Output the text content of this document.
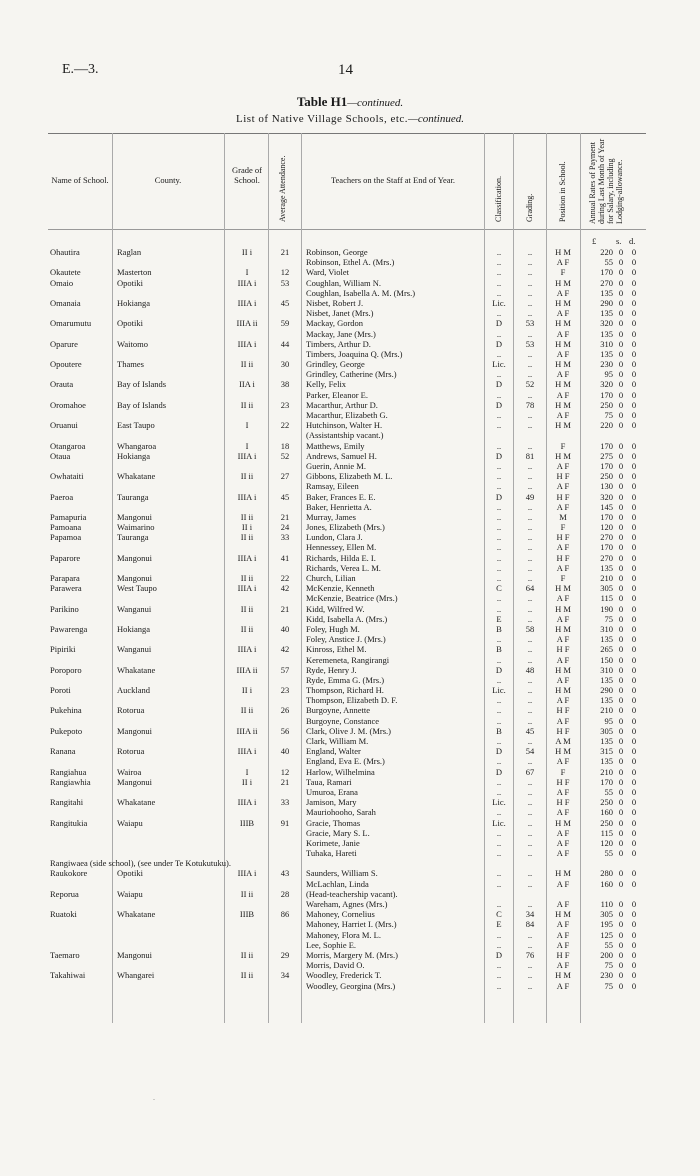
E.—3.	14
Table H1—continued.
List of Native Village Schools, etc.—continued.
Name of School.	County.
Grade of School.	Average Attendance.	Teachers on the Staff at End of Year.	Classification.	Grading.	Position in School.	Annual Rates of Payment during Last Month of Year for Salary, including Lodging-allowance.
£ s. d.
Ohautira	Raglan	II i	21	Robinson, George	..	..	H M	220 0	0
Robinson, Ethel A. (Mrs.)	..	..	A F	55 0	0
Okautete	Masterton	I	12	Ward, Violet	..	..	F	170 0	0
Omaio	Opotiki	IIIA i	53	Coughlan, William N.	..	..	H M	270 0	0
Coughlan, Isabella A. M. (Mrs.)	..	..	A F	135 0	0
Omanaia	Hokianga	IIIA i	45	Nisbet, Robert J.	Lic.	..	H M	290 0	0
Nisbet, Janet (Mrs.)	..	..	A F	135 0	0
Omarumutu	Opotiki	IIIA ii	59	Mackay, Gordon	D	53	H M	320 0	0
Mackay, Jane (Mrs.)	..	..	A F	135 0	0
Oparure	Waitomo	IIIA i	44	Timbers, Arthur D.	D	53	H M	310 0	0
Timbers, Joaquina Q. (Mrs.)	..	..	A F	135 0	0
Opoutere	Thames	II ii	30	Grindley, George	Lic.	..	H M	230 0	0
Grindley, Catherine (Mrs.)	..	..	A F	95 0	0
Orauta	Bay of Islands	IIA i	38	Kelly, Felix	D	52	H M	320 0	0
Parker, Eleanor E.	..	..	A F	170 0	0
Oromahoe	Bay of Islands	II ii	23	Macarthur, Arthur D.	D	78	H M	250 0	0
Macarthur, Elizabeth G.	..	..	A F	75 0	0
Oruanui	East Taupo	I	22	Hutchinson, Walter H.	..	..	H M	220 0	0
(Assistantship vacant.)
Otangaroa	Whangaroa	I	18	Matthews, Emily	..	..	F	170 0	0
Otaua	Hokianga	IIIA i	52	Andrews, Samuel H.	D	81	H M	275 0	0
Guerin, Annie M.	..	..	A F	170 0	0
Owhataiti	Whakatane	II ii	27	Gibbons, Elizabeth M. L.	..	..	H F	250 0	0
Ramsay, Eileen	..	..	A F	130 0	0
Paeroa	Tauranga	IIIA i	45	Baker, Frances E. E.	D	49	H F	320 0	0
Baker, Henrietta A.	..	..	A F	145 0	0
Pamapuria	Mangonui	II ii	21	Murray, James	..	..	M	170 0	0
Pamoana	Waimarino	II i	24	Jones, Elizabeth (Mrs.)	..	..	F	120 0	0
Papamoa	Tauranga	II ii	33	Lundon, Clara J.	..	..	H F	270 0	0
Hennessey, Ellen M.	..	..	A F	170 0	0
Paparore	Mangonui	IIIA i	41	Richards, Hilda E. I.	..	..	H F	270 0	0
Richards, Verea L. M.	..	..	A F	135 0	0
Parapara	Mangonui	II ii	22	Church, Lilian	..	..	F	210 0	0
Parawera	West Taupo	IIIA i	42	McKenzie, Kenneth	C	64	H M	305 0	0
McKenzie, Beatrice (Mrs.)	..	..	A F	115 0	0
Parikino	Wanganui	II ii	21	Kidd, Wilfred W.	..	..	H M	190 0	0
Kidd, Isabella A. (Mrs.)	E	..	A F	75 0	0
Pawarenga	Hokianga	II ii	40	Foley, Hugh M.	B	58	H M	310 0	0
Foley, Anstice J. (Mrs.)	..	..	A F	135 0	0
Pipiriki	Wanganui	IIIA i	42	Kinross, Ethel M.	B	..	H F	265 0	0
Keremeneta, Rangirangi	..	..	A F	150 0	0
Poroporo	Whakatane	IIIA ii	57	Ryde, Henry J.	D	48	H M	310 0	0
Ryde, Emma G. (Mrs.)	..	..	A F	135 0	0
Poroti	Auckland	II i	23	Thompson, Richard H.	Lic.	..	H M	290 0	0
Thompson, Elizabeth D. F.	..	..	A F	135 0	0
Pukehina	Rotorua	II ii	26	Burgoyne, Annette	..	..	H F	210 0	0
Burgoyne, Constance	..	..	A F	95 0	0
Pukepoto	Mangonui	IIIA ii	56	Clark, Olive J. M. (Mrs.)	B	45	H F	305 0	0
Clark, William M.	..	..	A M	135 0	0
Ranana	Rotorua	IIIA i	40	England, Walter	D	54	H M	315 0	0
England, Eva E. (Mrs.)	..	..	A F	135 0	0
Rangiahua	Wairoa	I	12	Harlow, Wilhelmina	D	67	F	210 0	0
Rangiawhia	Mangonui	II i	21	Taua, Ramari	..	..	H F	170 0	0
Umuroa, Erana	..	..	A F	55 0	0
Rangitahi	Whakatane	IIIA i	33	Jamison, Mary	Lic.	..	H F	250 0	0
Mauriohooho, Sarah	..	..	A F	160 0	0
Rangitukia	Waiapu	IIIB	91	Gracie, Thomas	Lic.	..	H M	250 0	0
Gracie, Mary S. L.	..	..	A F	115 0	0
Korimete, Janie	..	..	A F	120 0	0
Tuhaka, Hareti	..	..	A F	55 0	0
Rangiwaea (side school), (see under Te Kotukutuku).
Raukokore	Opotiki	IIIA i	43	Saunders, William S.	..	..	H M	280 0	0
McLachlan, Linda	..	..	A F	160 0	0
Reporua	Waiapu	II ii	28	(Head-teachership vacant).
Wareham, Agnes (Mrs.)	..	..	A F	110 0	0
Ruatoki	Whakatane	IIIB	86	Mahoney, Cornelius	C	34	H M	305 0	0
Mahoney, Harriet I. (Mrs.)	E	84	A F	195 0	0
Mahoney, Flora M. L.	..	..	A F	125 0	0
Lee, Sophie E.	..	..	A F	55 0	0
Taemaro	Mangonui	II ii	29	Morris, Margery M. (Mrs.)	D	76	H F	200 0	0
Morris, David O.	..	..	A F	75 0	0
Takahiwai	Whangarei	II ii	34	Woodley, Frederick T.	..	..	H M	230 0	0
Woodley, Georgina (Mrs.)	..	..	A F	75 0	0
.
